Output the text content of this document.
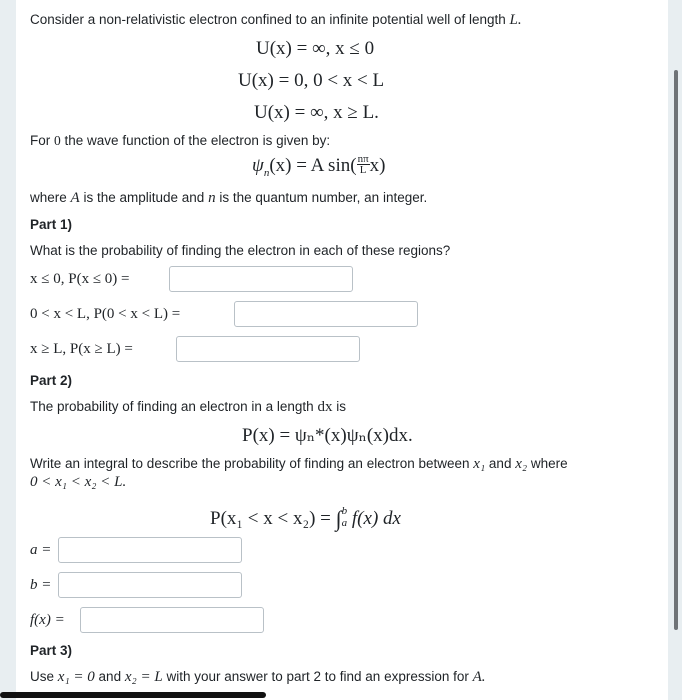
Consider a non-relativistic electron confined to an infinite potential well of length L.
U(x) = ∞, x ≤ 0
U(x) = 0, 0 < x < L
U(x) = ∞, x ≥ L.
For 0 the wave function of the electron is given by:
$\psi_n(x) = A$ $\sin( \frac{n\pi}{L} x)$
where A is the amplitude and n is the quantum number, an integer.
Part 1)
What is the probability of finding the electron in each of these regions?
x ≤ 0, P(x ≤ 0) =
0 < x < L, P(0 < x < L) =
x ≥ L, P(x ≥ L) =
Part 2)
The probability of finding an electron in a length dx is
P(x) = ψₙ*(x)ψₙ(x)dx.
Write an integral to describe the probability of finding an electron between x₁ and x₂ where
0 < x₁ < x₂ < L.
P(x₁ < x < x₂) = ∫ b
a f(x) dx
a =
b =
f(x) =
Part 3)
Use x₁ = 0 and x₂ = L with your answer to part 2 to find an expression for A.
